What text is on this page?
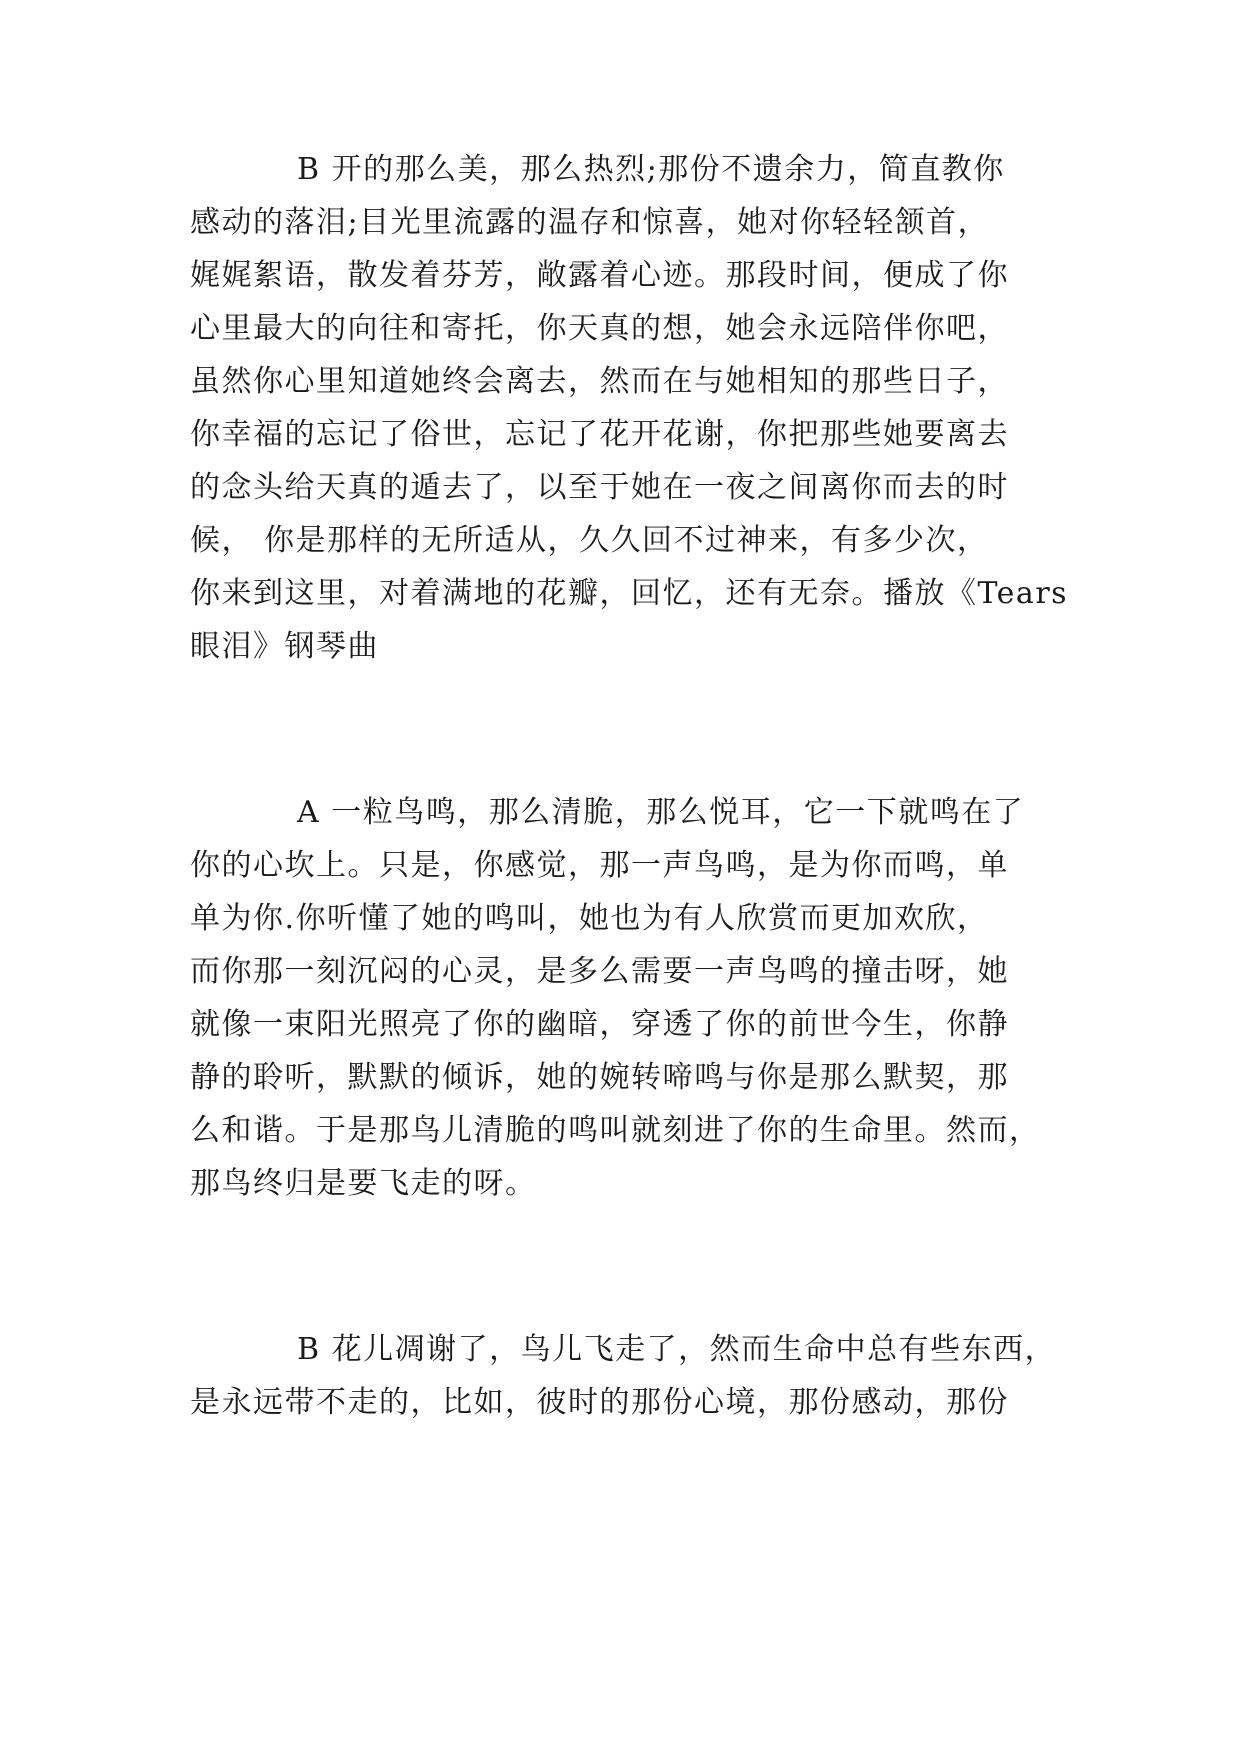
B 开的那么美，那么热烈;那份不遗余力，简直教你
感动的落泪;目光里流露的温存和惊喜，她对你轻轻颔首，
娓娓絮语，散发着芬芳，敞露着心迹。那段时间，便成了你
心里最大的向往和寄托，你天真的想，她会永远陪伴你吧，
虽然你心里知道她终会离去，然而在与她相知的那些日子，
你幸福的忘记了俗世，忘记了花开花谢，你把那些她要离去
的念头给天真的遁去了，以至于她在一夜之间离你而去的时
候， 你是那样的无所适从，久久回不过神来，有多少次，
你来到这里，对着满地的花瓣，回忆，还有无奈。播放《Tears
眼泪》钢琴曲
A 一粒鸟鸣，那么清脆，那么悦耳，它一下就鸣在了
你的心坎上。只是，你感觉，那一声鸟鸣，是为你而鸣，单
单为你.你听懂了她的鸣叫，她也为有人欣赏而更加欢欣，
而你那一刻沉闷的心灵，是多么需要一声鸟鸣的撞击呀，她
就像一束阳光照亮了你的幽暗，穿透了你的前世今生，你静
静的聆听，默默的倾诉，她的婉转啼鸣与你是那么默契，那
么和谐。于是那鸟儿清脆的鸣叫就刻进了你的生命里。然而，
那鸟终归是要飞走的呀。
B 花儿凋谢了，鸟儿飞走了，然而生命中总有些东西，
是永远带不走的，比如，彼时的那份心境，那份感动，那份
